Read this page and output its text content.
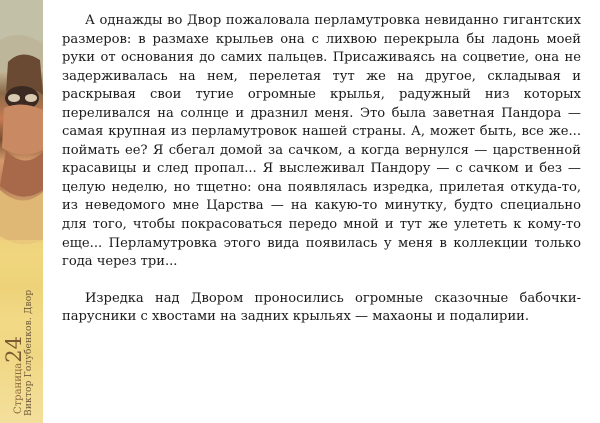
Виктор Голубенков. Двор
Страница24

А однажды во Двор пожаловала перламутровка невиданно гигантских размеров: в размахе крыльев она с лихвою перекрыла бы ладонь моей руки от основания до самих пальцев. Присаживаясь на соцветие, она не задерживалась на нем, перелетая тут же на другое, складывая и раскрывая свои тугие огромные крылья, радужный низ которых переливался на солнце и дразнил меня. Это была заветная Пандора — самая крупная из перламутровок нашей страны. А, может быть, все же... поймать ее? Я сбегал домой за сачком, а когда вернулся — царственной красавицы и след пропал... Я выслеживал Пандору — с сачком и без — целую неделю, но тщетно: она появлялась изредка, прилетая откуда-то, из неведомого мне Царства — на какую-то минутку, будто специально для того, чтобы покрасоваться передо мной и тут же улететь к кому-то еще... Перламутровка этого вида появилась у меня в коллекции только года через три...

Изредка над Двором проносились огромные сказочные бабочки-парусники с хвостами на задних крыльях — махаоны и подалирии.
